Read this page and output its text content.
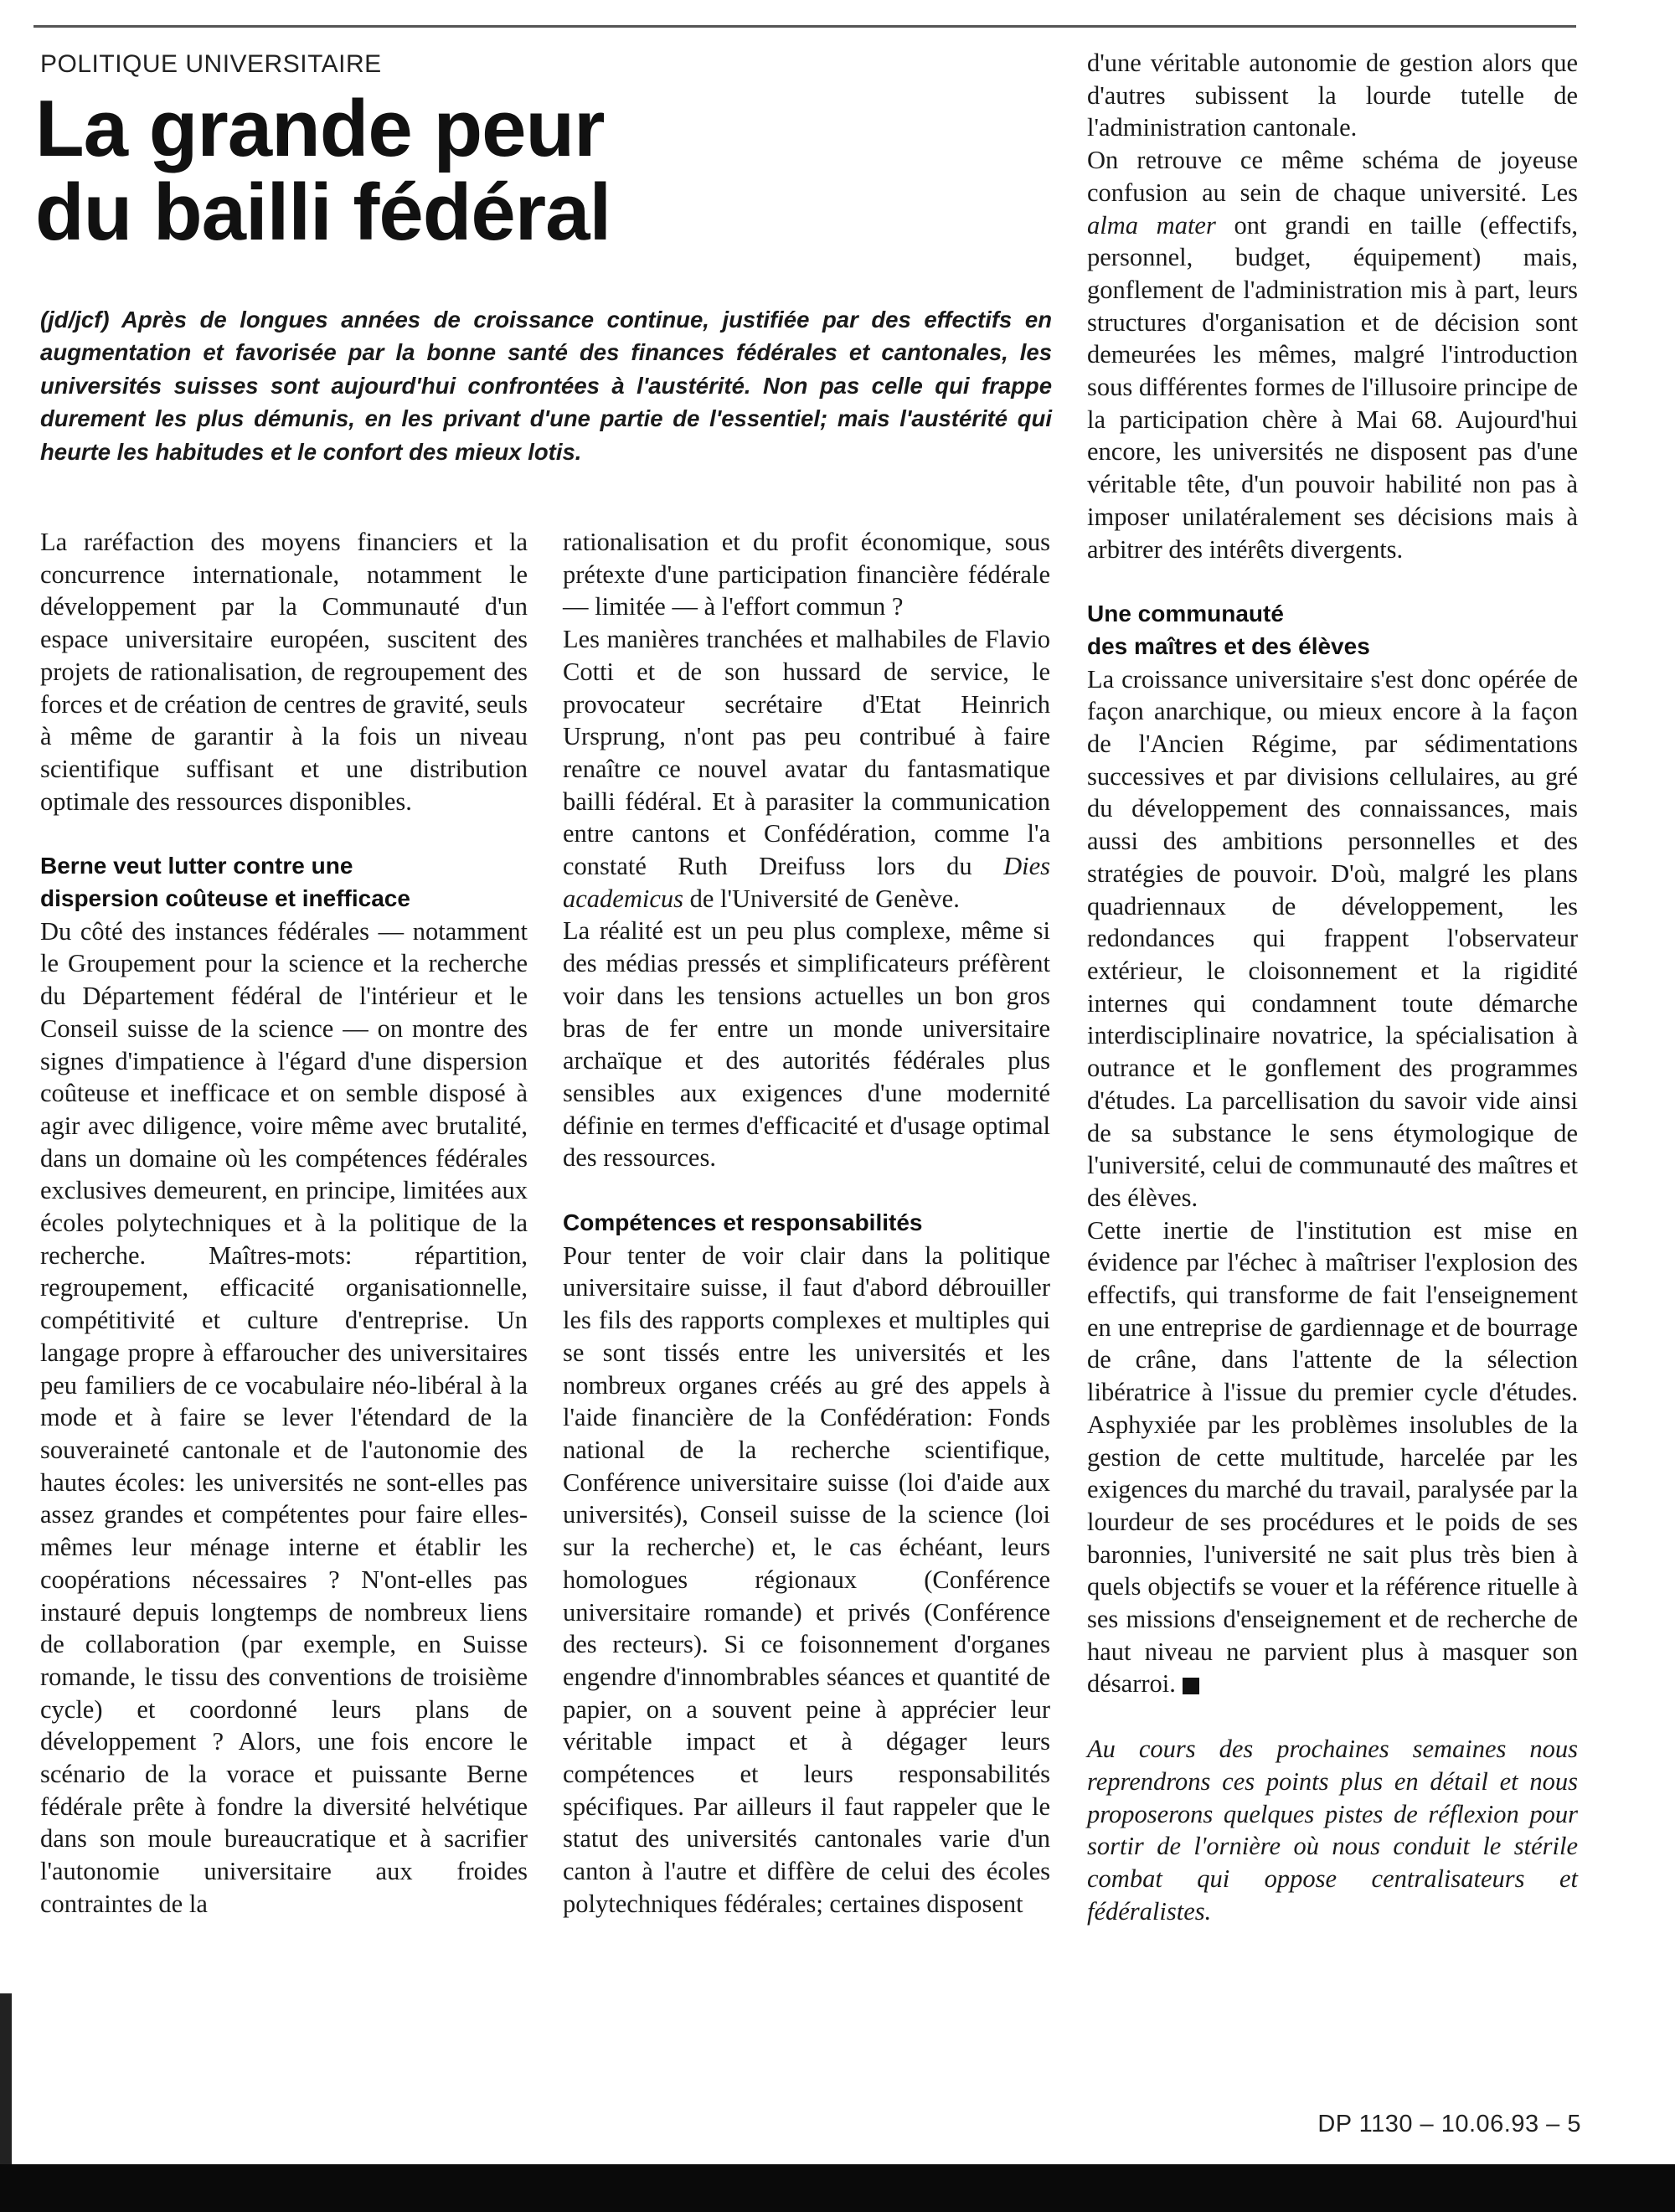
POLITIQUE UNIVERSITAIRE
La grande peur
du bailli fédéral

(jd/jcf) Après de longues années de croissance continue, justifiée par des effectifs en augmentation et favorisée par la bonne santé des finances fédérales et cantonales, les universités suisses sont aujourd'hui confrontées à l'austérité. Non pas celle qui frappe durement les plus démunis, en les privant d'une partie de l'essentiel; mais l'austérité qui heurte les habitudes et le confort des mieux lotis.

La raréfaction des moyens financiers et la concurrence internationale, notamment le développement par la Communauté d'un espace universitaire européen, suscitent des projets de rationalisation, de regroupement des forces et de création de centres de gravité, seuls à même de garantir à la fois un niveau scientifique suffisant et une distribution optimale des ressources disponibles.

Berne veut lutter contre une
dispersion coûteuse et inefficace

Du côté des instances fédérales — notamment le Groupement pour la science et la recherche du Département fédéral de l'intérieur et le Conseil suisse de la science — on montre des signes d'impatience à l'égard d'une dispersion coûteuse et inefficace et on semble disposé à agir avec diligence, voire même avec brutalité, dans un domaine où les compétences fédérales exclusives demeurent, en principe, limitées aux écoles polytechniques et à la politique de la recherche. Maîtres-mots: répartition, regroupement, efficacité organisationnelle, compétitivité et culture d'entreprise. Un langage propre à effaroucher des universitaires peu familiers de ce vocabulaire néo-libéral à la mode et à faire se lever l'étendard de la souveraineté cantonale et de l'autonomie des hautes écoles: les universités ne sont-elles pas assez grandes et compétentes pour faire elles-mêmes leur ménage interne et établir les coopérations nécessaires ? N'ont-elles pas instauré depuis longtemps de nombreux liens de collaboration (par exemple, en Suisse romande, le tissu des conventions de troisième cycle) et coordonné leurs plans de développement ? Alors, une fois encore le scénario de la vorace et puissante Berne fédérale prête à fondre la diversité helvétique dans son moule bureaucratique et à sacrifier l'autonomie universitaire aux froides contraintes de la

rationalisation et du profit économique, sous prétexte d'une participation financière fédérale — limitée — à l'effort commun ?

Les manières tranchées et malhabiles de Flavio Cotti et de son hussard de service, le provocateur secrétaire d'Etat Heinrich Ursprung, n'ont pas peu contribué à faire renaître ce nouvel avatar du fantasmatique bailli fédéral. Et à parasiter la communication entre cantons et Confédération, comme l'a constaté Ruth Dreifuss lors du Dies academicus de l'Université de Genève.

La réalité est un peu plus complexe, même si des médias pressés et simplificateurs préfèrent voir dans les tensions actuelles un bon gros bras de fer entre un monde universitaire archaïque et des autorités fédérales plus sensibles aux exigences d'une modernité définie en termes d'efficacité et d'usage optimal des ressources.

Compétences et responsabilités

Pour tenter de voir clair dans la politique universitaire suisse, il faut d'abord débrouiller les fils des rapports complexes et multiples qui se sont tissés entre les universités et les nombreux organes créés au gré des appels à l'aide financière de la Confédération: Fonds national de la recherche scientifique, Conférence universitaire suisse (loi d'aide aux universités), Conseil suisse de la science (loi sur la recherche) et, le cas échéant, leurs homologues régionaux (Conférence universitaire romande) et privés (Conférence des recteurs). Si ce foisonnement d'organes engendre d'innombrables séances et quantité de papier, on a souvent peine à apprécier leur véritable impact et à dégager leurs compétences et leurs responsabilités spécifiques. Par ailleurs il faut rappeler que le statut des universités cantonales varie d'un canton à l'autre et diffère de celui des écoles polytechniques fédérales; certaines disposent

d'une véritable autonomie de gestion alors que d'autres subissent la lourde tutelle de l'administration cantonale.

On retrouve ce même schéma de joyeuse confusion au sein de chaque université. Les alma mater ont grandi en taille (effectifs, personnel, budget, équipement) mais, gonflement de l'administration mis à part, leurs structures d'organisation et de décision sont demeurées les mêmes, malgré l'introduction sous différentes formes de l'illusoire principe de la participation chère à Mai 68. Aujourd'hui encore, les universités ne disposent pas d'une véritable tête, d'un pouvoir habilité non pas à imposer unilatéralement ses décisions mais à arbitrer des intérêts divergents.

Une communauté
des maîtres et des élèves

La croissance universitaire s'est donc opérée de façon anarchique, ou mieux encore à la façon de l'Ancien Régime, par sédimentations successives et par divisions cellulaires, au gré du développement des connaissances, mais aussi des ambitions personnelles et des stratégies de pouvoir. D'où, malgré les plans quadriennaux de développement, les redondances qui frappent l'observateur extérieur, le cloisonnement et la rigidité internes qui condamnent toute démarche interdisciplinaire novatrice, la spécialisation à outrance et le gonflement des programmes d'études. La parcellisation du savoir vide ainsi de sa substance le sens étymologique de l'université, celui de communauté des maîtres et des élèves.

Cette inertie de l'institution est mise en évidence par l'échec à maîtriser l'explosion des effectifs, qui transforme de fait l'enseignement en une entreprise de gardiennage et de bourrage de crâne, dans l'attente de la sélection libératrice à l'issue du premier cycle d'études. Asphyxiée par les problèmes insolubles de la gestion de cette multitude, harcelée par les exigences du marché du travail, paralysée par la lourdeur de ses procédures et le poids de ses baronnies, l'université ne sait plus très bien à quels objectifs se vouer et la référence rituelle à ses missions d'enseignement et de recherche de haut niveau ne parvient plus à masquer son désarroi.

Au cours des prochaines semaines nous reprendrons ces points plus en détail et nous proposerons quelques pistes de réflexion pour sortir de l'ornière où nous conduit le stérile combat qui oppose centralisateurs et fédéralistes.

DP 1130 – 10.06.93 – 5
